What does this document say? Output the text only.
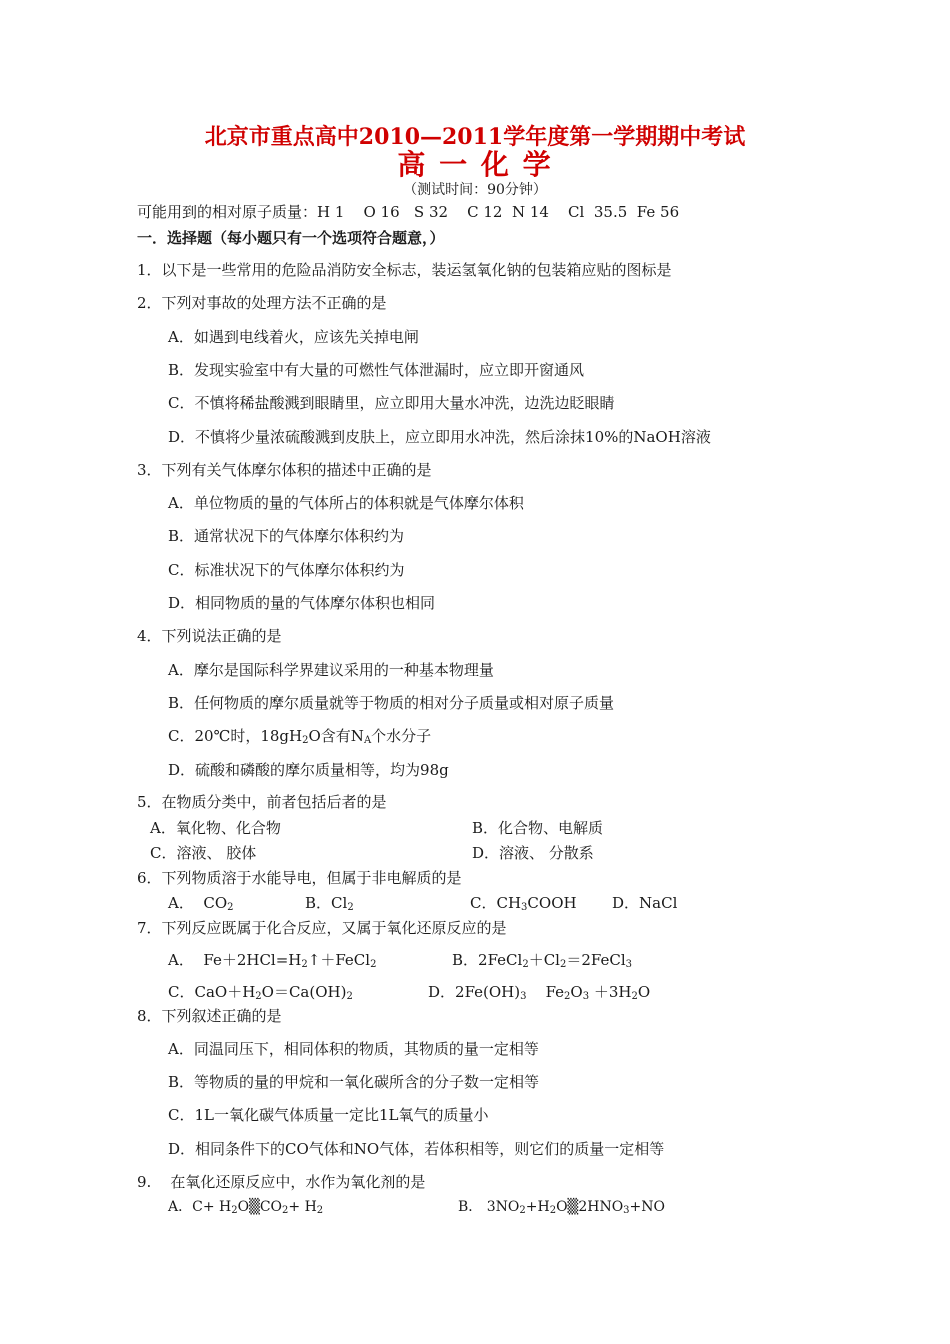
北京市重点高中2010—2011学年度第一学期期中考试
高 一 化 学
（测试时间：90分钟）
可能用到的相对原子质量：H 1    O 16   S 32    C 12  N 14    Cl  35.5  Fe 56
一．选择题（每小题只有一个选项符合题意，）
1．以下是一些常用的危险品消防安全标志，装运氢氧化钠的包装箱应贴的图标是
2．下列对事故的处理方法不正确的是
A．如遇到电线着火，应该先关掉电闸
B．发现实验室中有大量的可燃性气体泄漏时，应立即开窗通风
C．不慎将稀盐酸溅到眼睛里，应立即用大量水冲洗，边洗边眨眼睛
D．不慎将少量浓硫酸溅到皮肤上，应立即用水冲洗，然后涂抹10%的NaOH溶液
3．下列有关气体摩尔体积的描述中正确的是
A．单位物质的量的气体所占的体积就是气体摩尔体积
B．通常状况下的气体摩尔体积约为
C．标准状况下的气体摩尔体积约为
D．相同物质的量的气体摩尔体积也相同
4．下列说法正确的是
A．摩尔是国际科学界建议采用的一种基本物理量
B．任何物质的摩尔质量就等于物质的相对分子质量或相对原子质量
C．20℃时，$18gH_2O$含有$N_A$个水分子
D．硫酸和磷酸的摩尔质量相等，均为98g
5．在物质分类中，前者包括后者的是
A．氧化物、化合物	B．化合物、电解质
C．溶液、 胶体	D．溶液、 分散系
6．下列物质溶于水能导电，但属于非电解质的是
A．  $CO_2$	B．$Cl_2$	C．$CH_3COOH$ D．NaCl
7．下列反应既属于化合反应，又属于氧化还原反应的是
A．  $Fe+2HCl=H_2↑+FeCl_2$	B．$2FeCl_2+Cl_2=2FeCl_3$
C．$CaO+H_2O=Ca(OH)_2$	D．$2Fe(OH)_3$    $Fe_2O_3 +3H_2O$
8．下列叙述正确的是
A．同温同压下，相同体积的物质，其物质的量一定相等
B．等物质的量的甲烷和一氧化碳所含的分子数一定相等
C．1L一氧化碳气体质量一定比1L氧气的质量小
D．相同条件下的CO气体和NO气体，若体积相等，则它们的质量一定相等
9.    在氧化还原反应中，水作为氧化剂的是
A．$C+ H_2O▒CO_2+ H_2$	B． $3NO_2+H_2O▒2HNO_3+NO$
